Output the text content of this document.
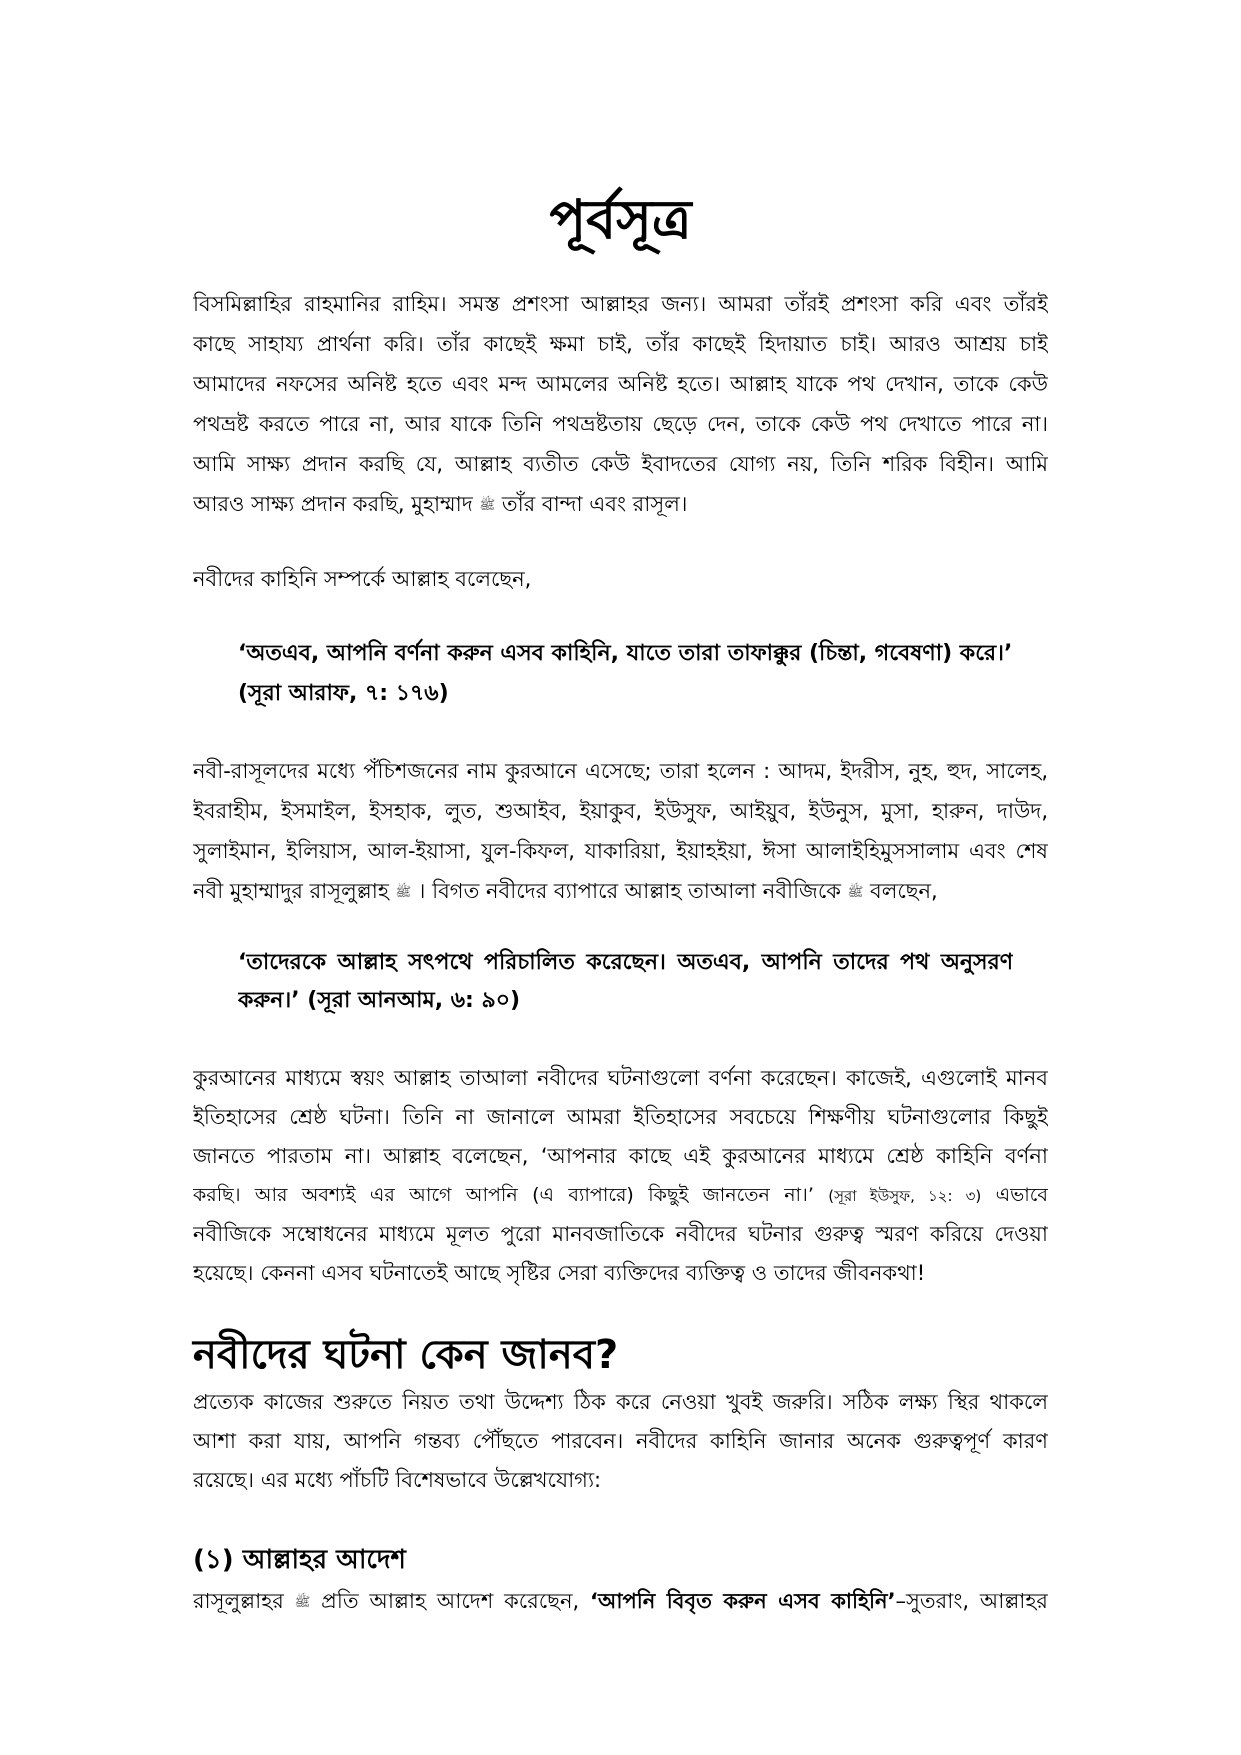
পূর্বসূত্র
বিসমিল্লাহির রাহমানির রাহিম। সমস্ত প্রশংসা আল্লাহর জন্য। আমরা তাঁরই প্রশংসা করি এবং তাঁরই
কাছে সাহায্য প্রার্থনা করি। তাঁর কাছেই ক্ষমা চাই, তাঁর কাছেই হিদায়াত চাই। আরও আশ্রয় চাই
আমাদের নফসের অনিষ্ট হতে এবং মন্দ আমলের অনিষ্ট হতে। আল্লাহ যাকে পথ দেখান, তাকে কেউ
পথভ্রষ্ট করতে পারে না, আর যাকে তিনি পথভ্রষ্টতায় ছেড়ে দেন, তাকে কেউ পথ দেখাতে পারে না।
আমি সাক্ষ্য প্রদান করছি যে, আল্লাহ ব্যতীত কেউ ইবাদতের যোগ্য নয়, তিনি শরিক বিহীন। আমি
আরও সাক্ষ্য প্রদান করছি, মুহাম্মাদ ﷺ তাঁর বান্দা এবং রাসূল।
নবীদের কাহিনি সম্পর্কে আল্লাহ বলেছেন,
‘অতএব, আপনি বর্ণনা করুন এসব কাহিনি, যাতে তারা তাফাক্কুর (চিন্তা, গবেষণা) করে।’
(সূরা আরাফ, ৭: ১৭৬)
নবী-রাসূলদের মধ্যে পঁচিশজনের নাম কুরআনে এসেছে; তারা হলেন : আদম, ইদরীস, নুহ, হুদ, সালেহ,
ইবরাহীম, ইসমাইল, ইসহাক, লুত, শুআইব, ইয়াকুব, ইউসুফ, আইয়ুব, ইউনুস, মুসা, হারুন, দাউদ,
সুলাইমান, ইলিয়াস, আল-ইয়াসা, যুল-কিফল, যাকারিয়া, ইয়াহইয়া, ঈসা আলাইহিমুসসালাম এবং শেষ
নবী মুহাম্মাদুর রাসূলুল্লাহ ﷺ । বিগত নবীদের ব্যাপারে আল্লাহ তাআলা নবীজিকে ﷺ বলছেন,
‘তাদেরকে আল্লাহ সৎপথে পরিচালিত করেছেন। অতএব, আপনি তাদের পথ অনুসরণ
করুন।’ (সূরা আনআম, ৬: ৯০)
কুরআনের মাধ্যমে স্বয়ং আল্লাহ তাআলা নবীদের ঘটনাগুলো বর্ণনা করেছেন। কাজেই, এগুলোই মানব
ইতিহাসের শ্রেষ্ঠ ঘটনা। তিনি না জানালে আমরা ইতিহাসের সবচেয়ে শিক্ষণীয় ঘটনাগুলোর কিছুই
জানতে পারতাম না। আল্লাহ বলেছেন, ‘আপনার কাছে এই কুরআনের মাধ্যমে শ্রেষ্ঠ কাহিনি বর্ণনা
করছি। আর অবশ্যই এর আগে আপনি (এ ব্যাপারে) কিছুই জানতেন না।’ (সূরা ইউসুফ, ১২: ৩) এভাবে
নবীজিকে সম্বোধনের মাধ্যমে মূলত পুরো মানবজাতিকে নবীদের ঘটনার গুরুত্ব স্মরণ করিয়ে দেওয়া
হয়েছে। কেননা এসব ঘটনাতেই আছে সৃষ্টির সেরা ব্যক্তিদের ব্যক্তিত্ব ও তাদের জীবনকথা!
নবীদের ঘটনা কেন জানব?
প্রত্যেক কাজের শুরুতে নিয়ত তথা উদ্দেশ্য ঠিক করে নেওয়া খুবই জরুরি। সঠিক লক্ষ্য স্থির থাকলে
আশা করা যায়, আপনি গন্তব্য পৌঁছতে পারবেন। নবীদের কাহিনি জানার অনেক গুরুত্বপূর্ণ কারণ
রয়েছে। এর মধ্যে পাঁচটি বিশেষভাবে উল্লেখযোগ্য:
(১) আল্লাহর আদেশ
রাসূলুল্লাহর ﷺ প্রতি আল্লাহ আদেশ করেছেন, ‘আপনি বিবৃত করুন এসব কাহিনি’–সুতরাং, আল্লাহর
